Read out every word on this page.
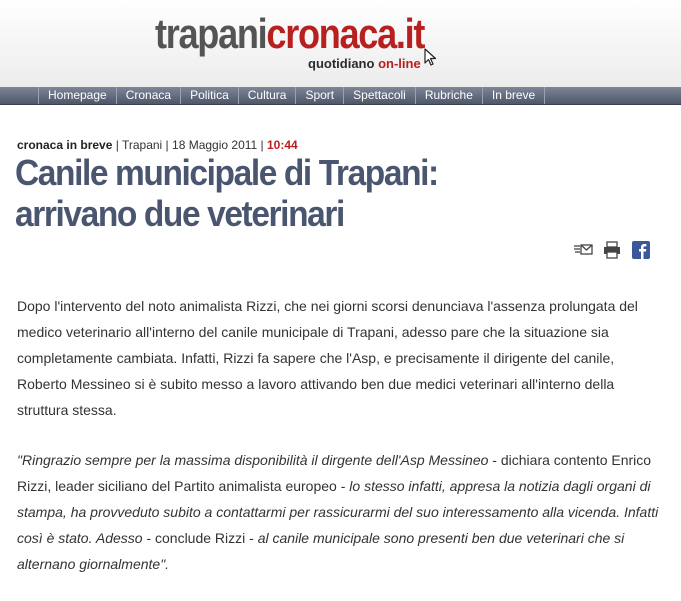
trapanicronaca.it
quotidiano on-line
Homepage	Cronaca	Politica	Cultura	Sport	Spettacoli	Rubriche	In breve
cronaca in breve | Trapani | 18 Maggio 2011 | 10:44
Canile municipale di Trapani: arrivano due veterinari

Dopo l'intervento del noto animalista Rizzi, che nei giorni scorsi denunciava l'assenza prolungata del medico veterinario all'interno del canile municipale di Trapani, adesso pare che la situazione sia completamente cambiata. Infatti, Rizzi fa sapere che l'Asp, e precisamente il dirigente del canile, Roberto Messineo si è subito messo a lavoro attivando ben due medici veterinari all'interno della struttura stessa.

"Ringrazio sempre per la massima disponibilità il dirgente dell'Asp Messineo - dichiara contento Enrico Rizzi, leader siciliano del Partito animalista europeo - lo stesso infatti, appresa la notizia dagli organi di stampa, ha provveduto subito a contattarmi per rassicurarmi del suo interessamento alla vicenda. Infatti così è stato. Adesso - conclude Rizzi - al canile municipale sono presenti ben due veterinari che si alternano giornalmente".
